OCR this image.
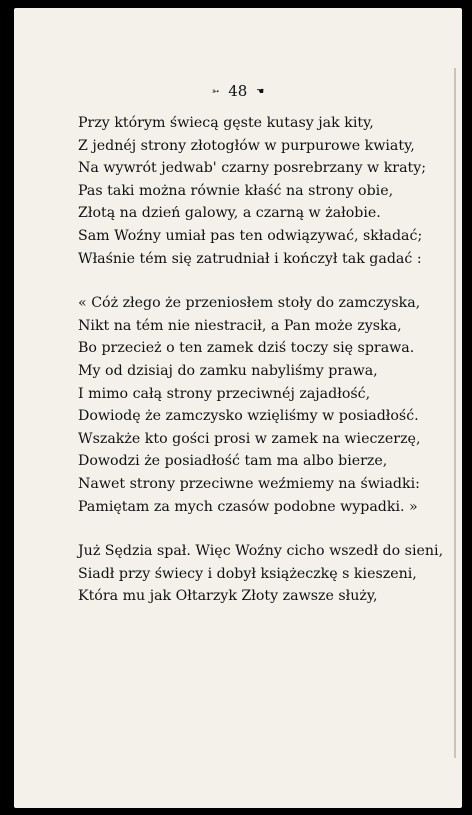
➳ 48 ☚
Przy którym świecą gęste kutasy jak kity,
Z jednéj strony złotogłów w purpurowe kwiaty,
Na wywrót jedwab' czarny posrebrzany w kraty;
Pas taki można równie kłaść na strony obie,
Złotą na dzień galowy, a czarną w żałobie.
Sam Woźny umiał pas ten odwiązywać, składać;
Właśnie tém się zatrudniał i kończył tak gadać :
« Cóż złego że przeniosłem stoły do zamczyska,
Nikt na tém nie niestracił, a Pan może zyska,
Bo przecież o ten zamek dziś toczy się sprawa.
My od dzisiaj do zamku nabyliśmy prawa,
I mimo całą strony przeciwnéj zajadłość,
Dowiodę że zamczysko wzięliśmy w posiadłość.
Wszakże kto gości prosi w zamek na wieczerzę,
Dowodzi że posiadłość tam ma albo bierze,
Nawet strony przeciwne weźmiemy na świadki:
Pamiętam za mych czasów podobne wypadki. »
Już Sędzia spał. Więc Woźny cicho wszedł do sieni,
Siadł przy świecy i dobył książeczkę s kieszeni,
Która mu jak Ołtarzyk Złoty zawsze służy,
